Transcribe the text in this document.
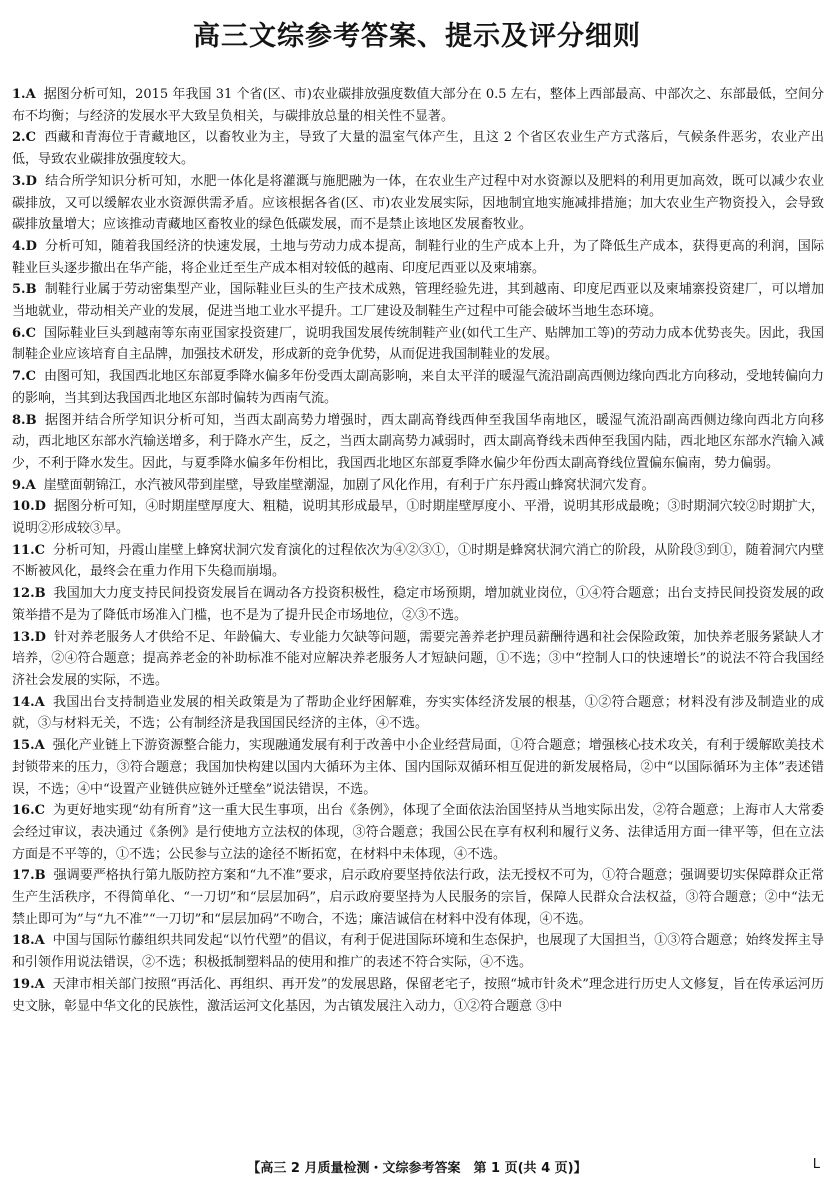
高三文综参考答案、提示及评分细则

1.A 据图分析可知，2015 年我国 31 个省(区、市)农业碳排放强度数值大部分在 0.5 左右，整体上西部最高、中部次之、东部最低，空间分布不均衡；与经济的发展水平大致呈负相关，与碳排放总量的相关性不显著。

2.C 西藏和青海位于青藏地区，以畜牧业为主，导致了大量的温室气体产生，且这 2 个省区农业生产方式落后，气候条件恶劣，农业产出低，导致农业碳排放强度较大。

3.D 结合所学知识分析可知，水肥一体化是将灌溉与施肥融为一体，在农业生产过程中对水资源以及肥料的利用更加高效，既可以减少农业碳排放，又可以缓解农业水资源供需矛盾。应该根据各省(区、市)农业发展实际，因地制宜地实施减排措施；加大农业生产物资投入，会导致碳排放量增大；应该推动青藏地区畜牧业的绿色低碳发展，而不是禁止该地区发展畜牧业。

4.D 分析可知，随着我国经济的快速发展，土地与劳动力成本提高，制鞋行业的生产成本上升，为了降低生产成本，获得更高的利润，国际鞋业巨头逐步撤出在华产能，将企业迁至生产成本相对较低的越南、印度尼西亚以及柬埔寨。

5.B 制鞋行业属于劳动密集型产业，国际鞋业巨头的生产技术成熟，管理经验先进，其到越南、印度尼西亚以及柬埔寨投资建厂，可以增加当地就业，带动相关产业的发展，促进当地工业水平提升。工厂建设及制鞋生产过程中可能会破坏当地生态环境。

6.C 国际鞋业巨头到越南等东南亚国家投资建厂，说明我国发展传统制鞋产业(如代工生产、贴牌加工等)的劳动力成本优势丧失。因此，我国制鞋企业应该培育自主品牌，加强技术研发，形成新的竞争优势，从而促进我国制鞋业的发展。

7.C 由图可知，我国西北地区东部夏季降水偏多年份受西太副高影响，来自太平洋的暖湿气流沿副高西侧边缘向西北方向移动，受地转偏向力的影响，当其到达我国西北地区东部时偏转为西南气流。

8.B 据图并结合所学知识分析可知，当西太副高势力增强时，西太副高脊线西伸至我国华南地区，暖湿气流沿副高西侧边缘向西北方向移动，西北地区东部水汽输送增多，利于降水产生，反之，当西太副高势力减弱时，西太副高脊线未西伸至我国内陆，西北地区东部水汽输入减少，不利于降水发生。因此，与夏季降水偏多年份相比，我国西北地区东部夏季降水偏少年份西太副高脊线位置偏东偏南，势力偏弱。

9.A 崖壁面朝锦江，水汽被风带到崖壁，导致崖壁潮湿，加剧了风化作用，有利于广东丹霞山蜂窝状洞穴发育。

10.D 据图分析可知，④时期崖壁厚度大、粗糙，说明其形成最早，①时期崖壁厚度小、平滑，说明其形成最晚；③时期洞穴较②时期扩大，说明②形成较③早。

11.C 分析可知，丹霞山崖壁上蜂窝状洞穴发育演化的过程依次为④②③①，①时期是蜂窝状洞穴消亡的阶段，从阶段③到①，随着洞穴内壁不断被风化，最终会在重力作用下失稳而崩塌。

12.B 我国加大力度支持民间投资发展旨在调动各方投资积极性，稳定市场预期，增加就业岗位，①④符合题意；出台支持民间投资发展的政策举措不是为了降低市场准入门槛，也不是为了提升民企市场地位，②③不选。

13.D 针对养老服务人才供给不足、年龄偏大、专业能力欠缺等问题，需要完善养老护理员薪酬待遇和社会保险政策，加快养老服务紧缺人才培养，②④符合题意；提高养老金的补助标准不能对应解决养老服务人才短缺问题，①不选；③中“控制人口的快速增长”的说法不符合我国经济社会发展的实际，不选。

14.A 我国出台支持制造业发展的相关政策是为了帮助企业纾困解难，夯实实体经济发展的根基，①②符合题意；材料没有涉及制造业的成就，③与材料无关，不选；公有制经济是我国国民经济的主体，④不选。

15.A 强化产业链上下游资源整合能力，实现融通发展有利于改善中小企业经营局面，①符合题意；增强核心技术攻关，有利于缓解欧美技术封锁带来的压力，③符合题意；我国加快构建以国内大循环为主体、国内国际双循环相互促进的新发展格局，②中“以国际循环为主体”表述错误，不选；④中“设置产业链供应链外迁壁垒”说法错误，不选。

16.C 为更好地实现“幼有所育”这一重大民生事项，出台《条例》，体现了全面依法治国坚持从当地实际出发，②符合题意；上海市人大常委会经过审议，表决通过《条例》是行使地方立法权的体现，③符合题意；我国公民在享有权利和履行义务、法律适用方面一律平等，但在立法方面是不平等的，①不选；公民参与立法的途径不断拓宽，在材料中未体现，④不选。

17.B 强调要严格执行第九版防控方案和“九不准”要求，启示政府要坚持依法行政，法无授权不可为，①符合题意；强调要切实保障群众正常生产生活秩序，不得简单化、“一刀切”和“层层加码”，启示政府要坚持为人民服务的宗旨，保障人民群众合法权益，③符合题意；②中“法无禁止即可为”与“九不准”“一刀切”和“层层加码”不吻合，不选；廉洁诚信在材料中没有体现，④不选。

18.A 中国与国际竹藤组织共同发起“以竹代塑”的倡议，有利于促进国际环境和生态保护，也展现了大国担当，①③符合题意；始终发挥主导和引领作用说法错误，②不选；积极抵制塑料品的使用和推广的表述不符合实际，④不选。

19.A 天津市相关部门按照“再活化、再组织、再开发”的发展思路，保留老宅子，按照“城市针灸术”理念进行历史人文修复，旨在传承运河历史文脉，彰显中华文化的民族性，激活运河文化基因，为古镇发展注入动力，①②符合题意 ③中

【高三 2 月质量检测・文综参考答案　第 1 页(共 4 页)】	L
